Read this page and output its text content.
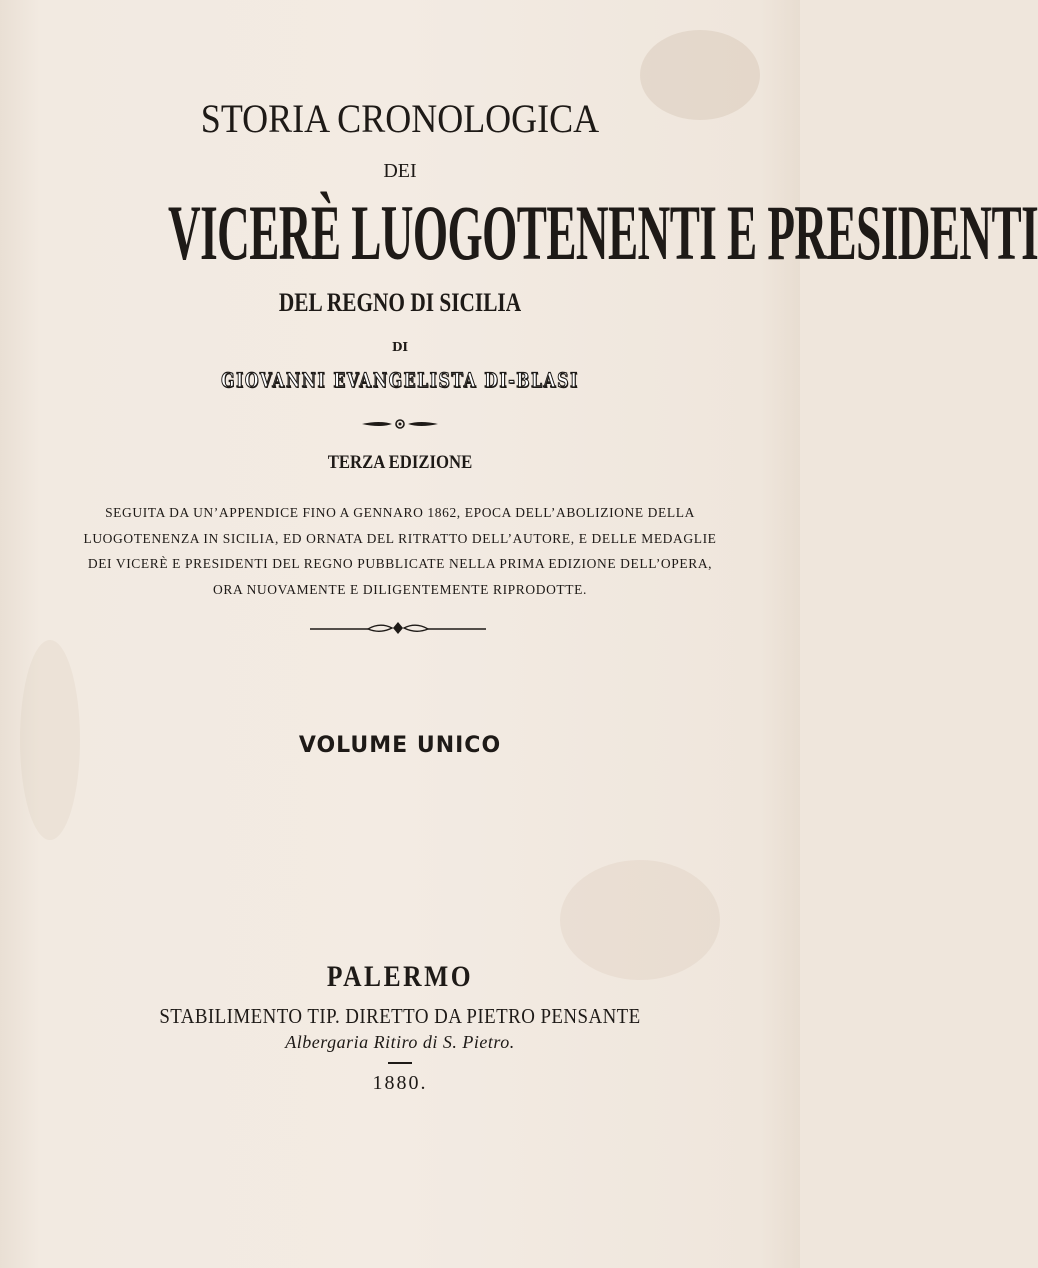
STORIA CRONOLOGICA
DEI
VICERÈ LUOGOTENENTI E PRESIDENTI
DEL REGNO DI SICILIA
DI
GIOVANNI EVANGELISTA DI-BLASI
TERZA EDIZIONE
SEGUITA DA UN’APPENDICE FINO A GENNARO 1862, EPOCA DELL’ABOLIZIONE DELLA
LUOGOTENENZA IN SICILIA, ED ORNATA DEL RITRATTO DELL’AUTORE, E DELLE MEDAGLIE
DEI VICERÈ E PRESIDENTI DEL REGNO PUBBLICATE NELLA PRIMA EDIZIONE DELL’OPERA,
ORA NUOVAMENTE E DILIGENTEMENTE RIPRODOTTE.
VOLUME UNICO
PALERMO
STABILIMENTO TIP. DIRETTO DA PIETRO PENSANTE
Albergaria Ritiro di S. Pietro.
1880.
